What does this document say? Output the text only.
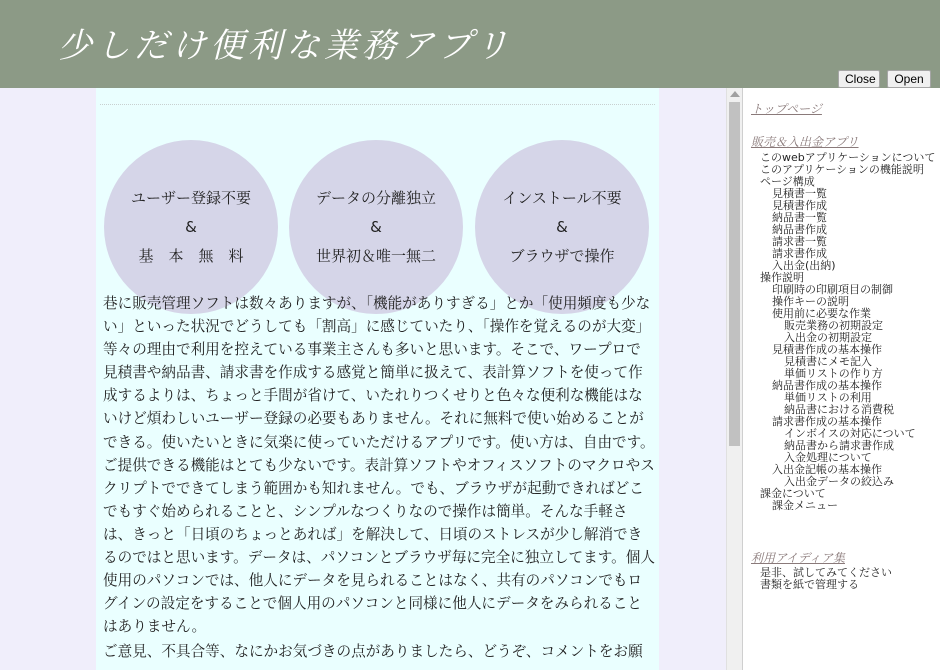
少しだけ便利な業務アプリ
Close	Open
ユーザー登録不要
&
基　本　無　料
データの分離独立
&
世界初＆唯一無二
インストール不要
&
ブラウザで操作

巷に販売管理ソフトは数々ありますが、「機能がありすぎる」とか「使用頻度も少ない」といった状況でどうしても「割高」に感じていたり、「操作を覚えるのが大変」等々の理由で利用を控えている事業主さんも多いと思います。そこで、ワープロで見積書や納品書、請求書を作成する感覚と簡単に扱えて、表計算ソフトを使って作成するよりは、ちょっと手間が省けて、いたれりつくせりと色々な便利な機能はないけど煩わしいユーザー登録の必要もありません。それに無料で使い始めることができる。使いたいときに気楽に使っていただけるアプリです。使い方は、自由です。ご提供できる機能はとても少ないです。表計算ソフトやオフィスソフトのマクロやスクリプトでできてしまう範囲かも知れません。でも、ブラウザが起動できればどこでもすぐ始められることと、シンプルなつくりなので操作は簡単。そんな手軽さは、きっと「日頃のちょっとあれば」を解決して、日頃のストレスが少し解消できるのではと思います。データは、パソコンとブラウザ毎に完全に独立してます。個人使用のパソコンでは、他人にデータを見られることはなく、共有のパソコンでもログインの設定をすることで個人用のパソコンと同様に他人にデータをみられることはありません。

ご意見、不具合等、なにかお気づきの点がありましたら、どうぞ、コメントをお願

トップページ
販売＆入出金アプリ
このwebアプリケーションについて
このアプリケーションの機能説明
ページ構成
見積書一覧
見積書作成
納品書一覧
納品書作成
請求書一覧
請求書作成
入出金(出納)
操作説明
印刷時の印刷項目の制御
操作キーの説明
使用前に必要な作業
販売業務の初期設定
入出金の初期設定
見積書作成の基本操作
見積書にメモ記入
単価リストの作り方
納品書作成の基本操作
単価リストの利用
納品書における消費税
請求書作成の基本操作
インボイスの対応について
納品書から請求書作成
入金処理について
入出金記帳の基本操作
入出金データの絞込み
課金について
課金メニュー
利用アイディア集
是非、試してみてください
書類を紙で管理する
